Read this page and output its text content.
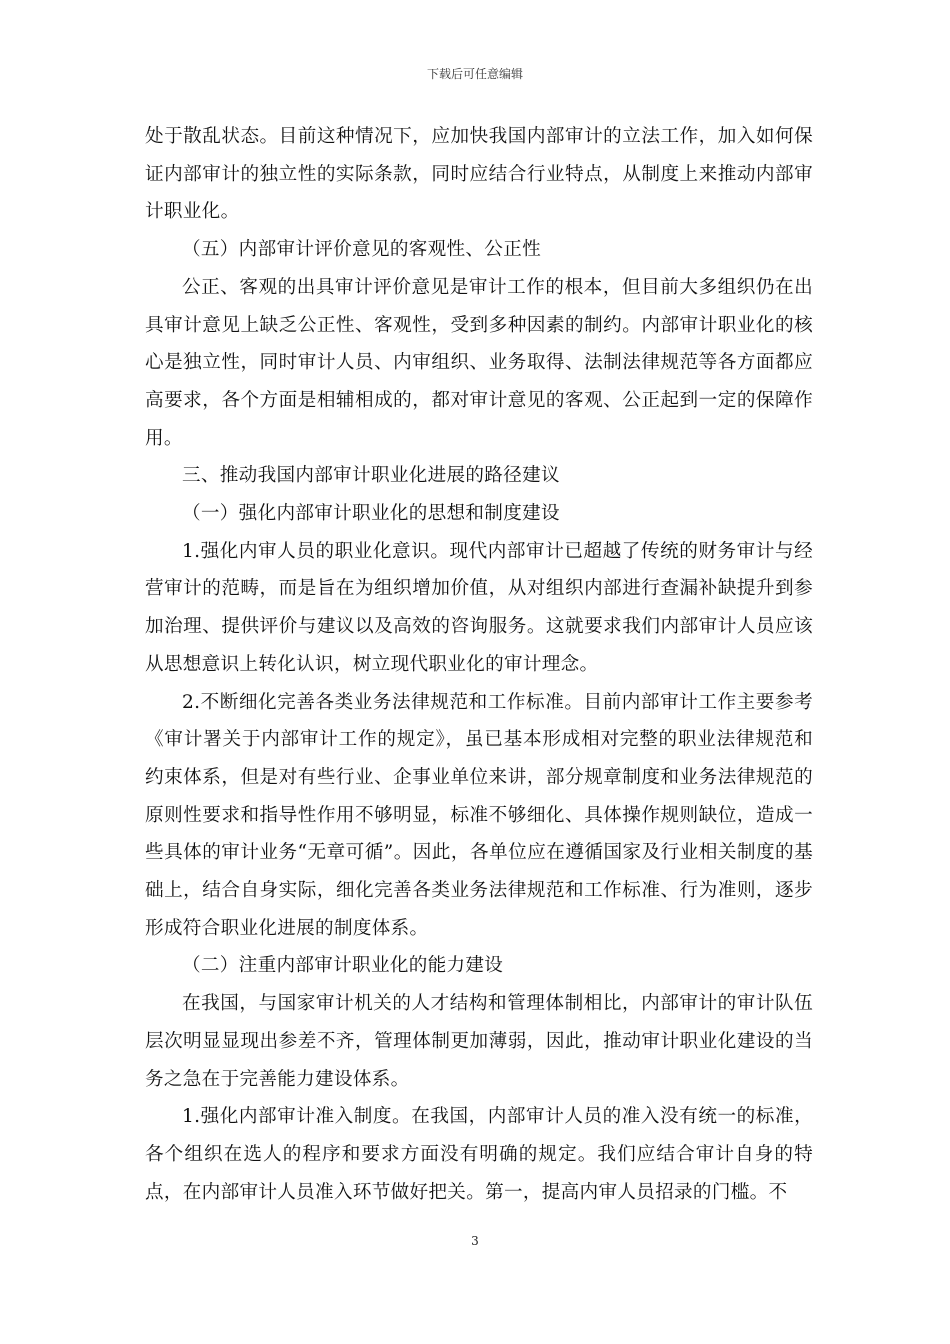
下载后可任意编辑

处于散乱状态。目前这种情况下，应加快我国内部审计的立法工作，加入如何保证内部审计的独立性的实际条款，同时应结合行业特点，从制度上来推动内部审计职业化。

（五）内部审计评价意见的客观性、公正性

公正、客观的出具审计评价意见是审计工作的根本，但目前大多组织仍在出具审计意见上缺乏公正性、客观性，受到多种因素的制约。内部审计职业化的核心是独立性，同时审计人员、内审组织、业务取得、法制法律规范等各方面都应高要求，各个方面是相辅相成的，都对审计意见的客观、公正起到一定的保障作用。

三、推动我国内部审计职业化进展的路径建议

（一）强化内部审计职业化的思想和制度建设

1.强化内审人员的职业化意识。现代内部审计已超越了传统的财务审计与经营审计的范畴，而是旨在为组织增加价值，从对组织内部进行查漏补缺提升到参加治理、提供评价与建议以及高效的咨询服务。这就要求我们内部审计人员应该从思想意识上转化认识，树立现代职业化的审计理念。

2.不断细化完善各类业务法律规范和工作标准。目前内部审计工作主要参考《审计署关于内部审计工作的规定》，虽已基本形成相对完整的职业法律规范和约束体系，但是对有些行业、企事业单位来讲，部分规章制度和业务法律规范的原则性要求和指导性作用不够明显，标准不够细化、具体操作规则缺位，造成一些具体的审计业务“无章可循”。因此，各单位应在遵循国家及行业相关制度的基础上，结合自身实际，细化完善各类业务法律规范和工作标准、行为准则，逐步形成符合职业化进展的制度体系。

（二）注重内部审计职业化的能力建设

在我国，与国家审计机关的人才结构和管理体制相比，内部审计的审计队伍层次明显显现出参差不齐，管理体制更加薄弱，因此，推动审计职业化建设的当务之急在于完善能力建设体系。

1.强化内部审计准入制度。在我国，内部审计人员的准入没有统一的标准，各个组织在选人的程序和要求方面没有明确的规定。我们应结合审计自身的特点，在内部审计人员准入环节做好把关。第一，提高内审人员招录的门槛。不

3
